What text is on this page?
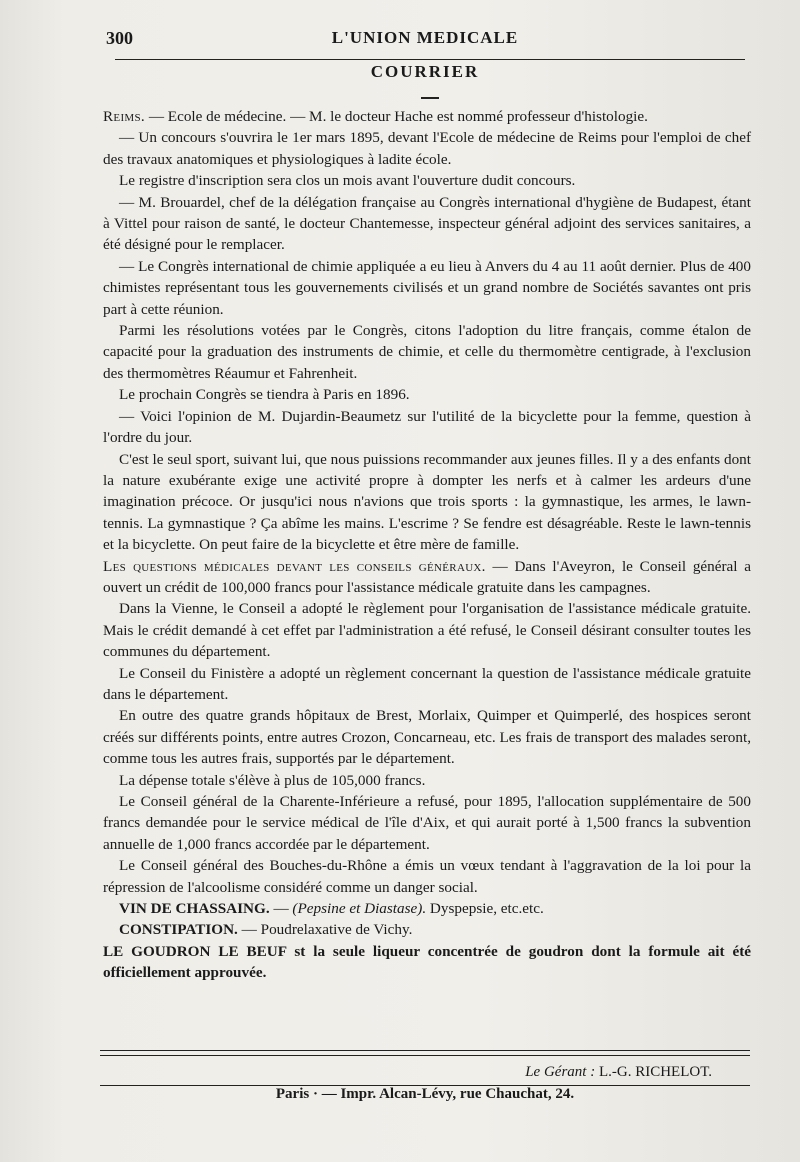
300	L'UNION MEDICALE
COURRIER

Reims. — Ecole de médecine. — M. le docteur Hache est nommé professeur d'histologie.

— Un concours s'ouvrira le 1er mars 1895, devant l'Ecole de médecine de Reims pour l'emploi de chef des travaux anatomiques et physiologiques à ladite école.

Le registre d'inscription sera clos un mois avant l'ouverture dudit concours.

— M. Brouardel, chef de la délégation française au Congrès international d'hygiène de Budapest, étant à Vittel pour raison de santé, le docteur Chantemesse, inspecteur général adjoint des services sanitaires, a été désigné pour le remplacer.

— Le Congrès international de chimie appliquée a eu lieu à Anvers du 4 au 11 août dernier. Plus de 400 chimistes représentant tous les gouvernements civilisés et un grand nombre de Sociétés savantes ont pris part à cette réunion.

Parmi les résolutions votées par le Congrès, citons l'adoption du litre français, comme étalon de capacité pour la graduation des instruments de chimie, et celle du thermomètre centigrade, à l'exclusion des thermomètres Réaumur et Fahrenheit.

Le prochain Congrès se tiendra à Paris en 1896.

— Voici l'opinion de M. Dujardin-Beaumetz sur l'utilité de la bicyclette pour la femme, question à l'ordre du jour.

C'est le seul sport, suivant lui, que nous puissions recommander aux jeunes filles. Il y a des enfants dont la nature exubérante exige une activité propre à dompter les nerfs et à calmer les ardeurs d'une imagination précoce. Or jusqu'ici nous n'avions que trois sports : la gymnastique, les armes, le lawn-tennis. La gymnastique ? Ça abîme les mains. L'escrime ? Se fendre est désagréable. Reste le lawn-tennis et la bicyclette. On peut faire de la bicyclette et être mère de famille.

Les questions médicales devant les conseils généraux. — Dans l'Aveyron, le Conseil général a ouvert un crédit de 100,000 francs pour l'assistance médicale gratuite dans les campagnes.

Dans la Vienne, le Conseil a adopté le règlement pour l'organisation de l'assistance médicale gratuite. Mais le crédit demandé à cet effet par l'administration a été refusé, le Conseil désirant consulter toutes les communes du département.

Le Conseil du Finistère a adopté un règlement concernant la question de l'assistance médicale gratuite dans le département.

En outre des quatre grands hôpitaux de Brest, Morlaix, Quimper et Quimperlé, des hospices seront créés sur différents points, entre autres Crozon, Concarneau, etc. Les frais de transport des malades seront, comme tous les autres frais, supportés par le département.

La dépense totale s'élève à plus de 105,000 francs.

Le Conseil général de la Charente-Inférieure a refusé, pour 1895, l'allocation supplémentaire de 500 francs demandée pour le service médical de l'île d'Aix, et qui aurait porté à 1,500 francs la subvention annuelle de 1,000 francs accordée par le département.

Le Conseil général des Bouches-du-Rhône a émis un vœux tendant à l'aggravation de la loi pour la répression de l'alcoolisme considéré comme un danger social.

VIN DE CHASSAING. — (Pepsine et Diastase). Dyspepsie, etc.etc.

CONSTIPATION. — Poudrelaxative de Vichy.

LE GOUDRON LE BEUF st la seule liqueur concentrée de goudron dont la formule ait été officiellement approuvée.

Le Gérant : L.-G. RICHELOT.
Paris · — Impr. Alcan-Lévy, rue Chauchat, 24.
